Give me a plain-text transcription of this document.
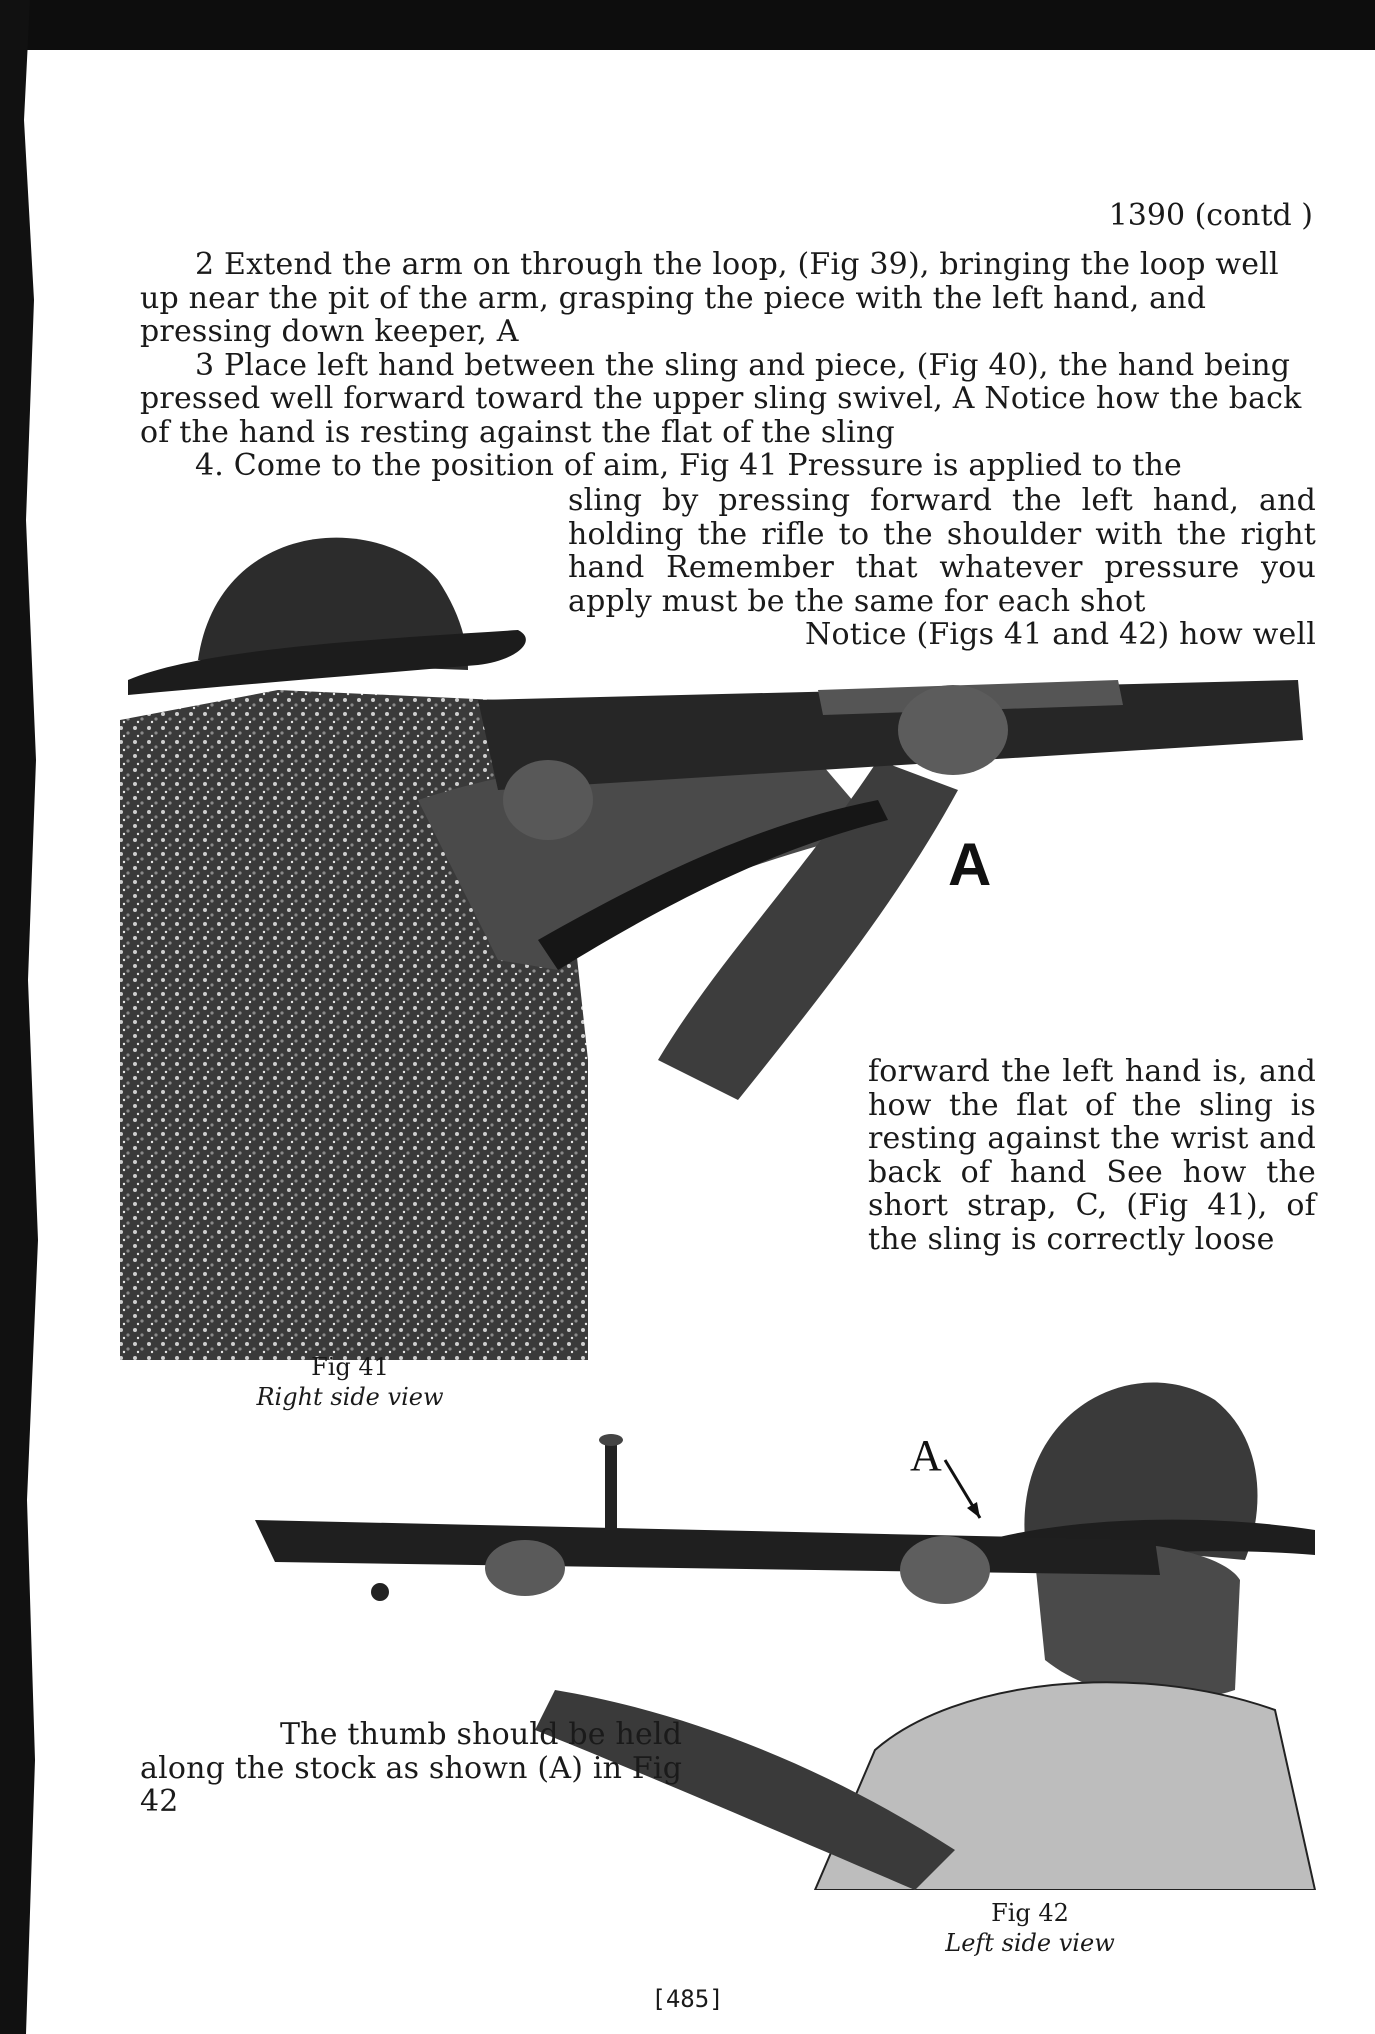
1390 (contd )

2 Extend the arm on through the loop, (Fig 39), bringing the loop well up near the pit of the arm, grasping the piece with the left hand, and pressing down keeper, A

3 Place left hand between the sling and piece, (Fig 40), the hand being pressed well forward toward the upper sling swivel, A Notice how the back of the hand is resting against the flat of the sling

4. Come to the position of aim, Fig 41 Pressure is applied to the

sling by pressing forward the left hand, and holding the rifle to the shoulder with the right hand Remember that whatever pressure you apply must be the same for each shot

Notice (Figs 41 and 42) how well

A

forward the left hand is, and how the flat of the sling is resting against the wrist and back of hand See how the short strap, C, (Fig 41), of the sling is correctly loose

Fig 41
Right side view
A

The thumb should be held along the stock as shown (A) in Fig 42

Fig 42
Left side view
[485]
